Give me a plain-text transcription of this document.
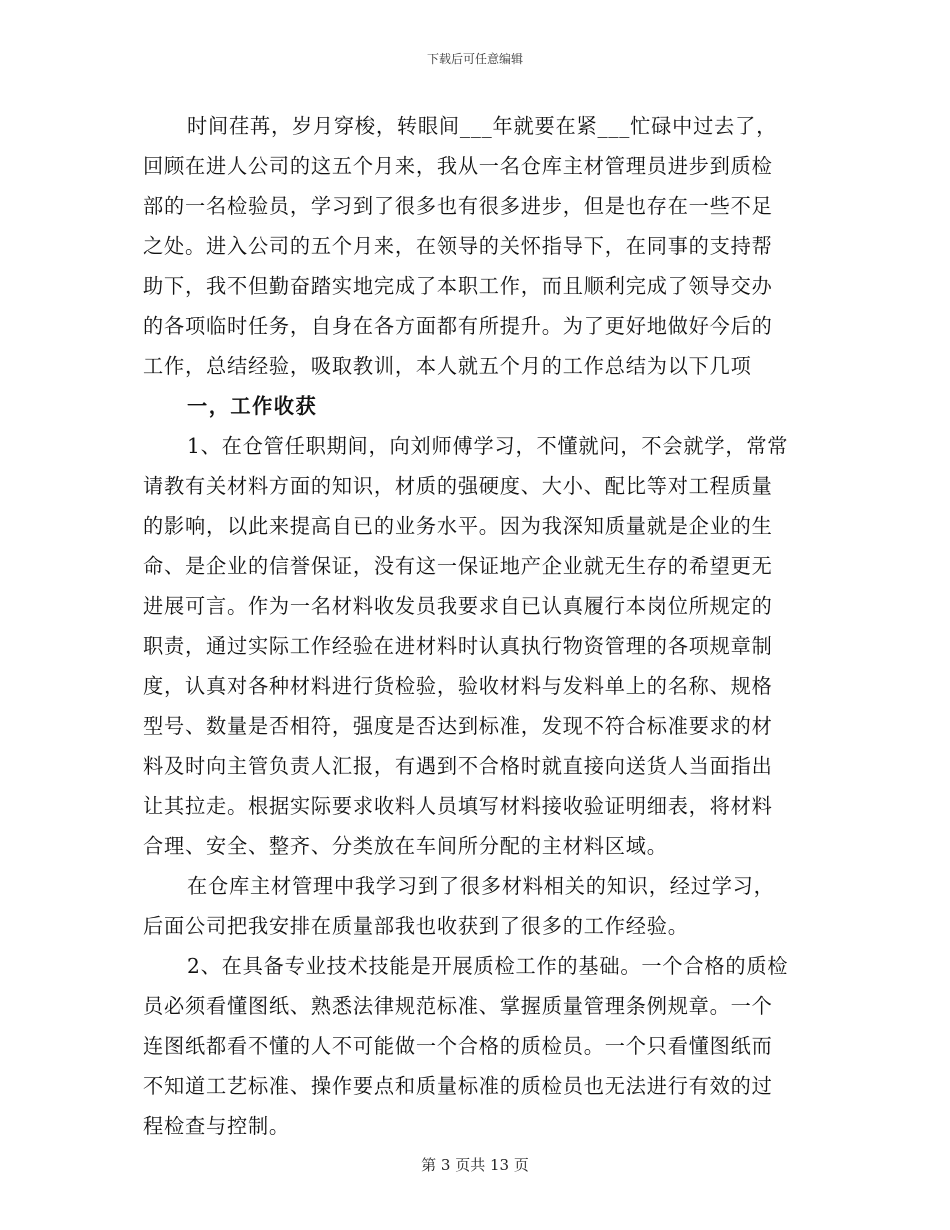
下载后可任意编辑
时间荏苒，岁月穿梭，转眼间___年就要在紧___忙碌中过去了，
回顾在进人公司的这五个月来，我从一名仓库主材管理员进步到质检
部的一名检验员，学习到了很多也有很多进步，但是也存在一些不足
之处。进入公司的五个月来，在领导的关怀指导下，在同事的支持帮
助下，我不但勤奋踏实地完成了本职工作，而且顺利完成了领导交办
的各项临时任务，自身在各方面都有所提升。为了更好地做好今后的
工作，总结经验，吸取教训，本人就五个月的工作总结为以下几项
一，工作收获
1、在仓管任职期间，向刘师傅学习，不懂就问，不会就学，常常
请教有关材料方面的知识，材质的强硬度、大小、配比等对工程质量
的影响，以此来提高自已的业务水平。因为我深知质量就是企业的生
命、是企业的信誉保证，没有这一保证地产企业就无生存的希望更无
进展可言。作为一名材料收发员我要求自已认真履行本岗位所规定的
职责，通过实际工作经验在进材料时认真执行物资管理的各项规章制
度，认真对各种材料进行货检验，验收材料与发料单上的名称、规格
型号、数量是否相符，强度是否达到标准，发现不符合标准要求的材
料及时向主管负责人汇报，有遇到不合格时就直接向送货人当面指出
让其拉走。根据实际要求收料人员填写材料接收验证明细表，将材料
合理、安全、整齐、分类放在车间所分配的主材料区域。
在仓库主材管理中我学习到了很多材料相关的知识，经过学习，
后面公司把我安排在质量部我也收获到了很多的工作经验。
2、在具备专业技术技能是开展质检工作的基础。一个合格的质检
员必须看懂图纸、熟悉法律规范标准、掌握质量管理条例规章。一个
连图纸都看不懂的人不可能做一个合格的质检员。一个只看懂图纸而
不知道工艺标准、操作要点和质量标准的质检员也无法进行有效的过
程检查与控制。
第 3 页共 13 页
